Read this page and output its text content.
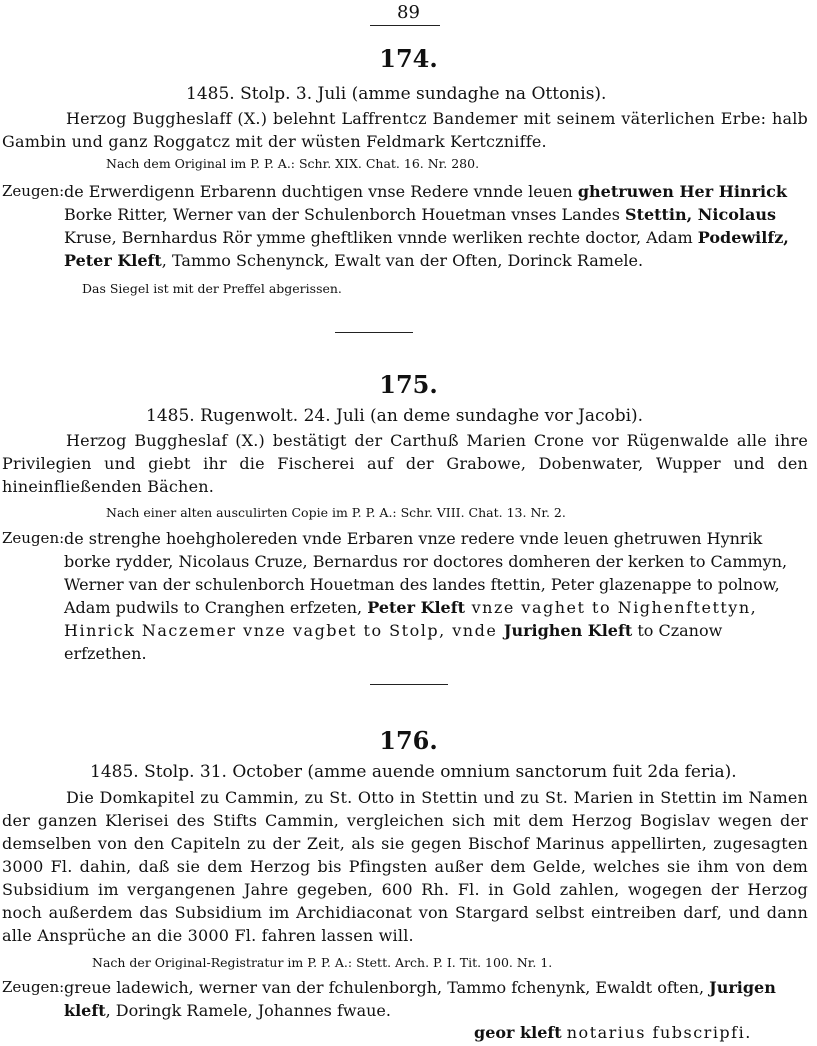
89
174.
1485. Stolp. 3. Juli (amme sundaghe na Ottonis).

Herzog Buggheslaff (X.) belehnt Laffrentcz Bandemer mit seinem väterlichen Erbe: halb Gambin und ganz Roggatcz mit der wüsten Feldmark Kertczniffe.

Nach dem Original im P. P. A.: Schr. XIX. Chat. 16. Nr. 280.
Zeugen: de Erwerdigenn Erbarenn duchtigen vnse Redere vnnde leuen ghetruwen Her Hinrick Borke Ritter, Werner van der Schulenborch Houetman vnses Landes Stettin, Nicolaus Kruse, Bernhardus Rör ymme gheftliken vnnde werliken rechte doctor, Adam Podewilfz, Peter Kleft, Tammo Schenynck, Ewalt van der Often, Dorinck Ramele.

Das Siegel ist mit der Preffel abgerissen.
175.
1485. Rugenwolt. 24. Juli (an deme sundaghe vor Jacobi).

Herzog Buggheslaf (X.) bestätigt der Carthuß Marien Crone vor Rügenwalde alle ihre Privilegien und giebt ihr die Fischerei auf der Grabowe, Dobenwater, Wupper und den hineinfließenden Bächen.

Nach einer alten ausculirten Copie im P. P. A.: Schr. VIII. Chat. 13. Nr. 2.
Zeugen: de strenghe hoehgholereden vnde Erbaren vnze redere vnde leuen ghetruwen Hynrik borke rydder, Nicolaus Cruze, Bernardus ror doctores domheren der kerken to Cammyn, Werner van der schulenborch Houetman des landes ftettin, Peter glazenappe to polnow, Adam pudwils to Cranghen erfzeten, Peter Kleft vnze vaghet to Nighenftettyn, Hinrick Naczemer vnze vagbet to Stolp, vnde Jurighen Kleft to Czanow erfzethen.

176.
1485. Stolp. 31. October (amme auende omnium sanctorum fuit 2da feria).

Die Domkapitel zu Cammin, zu St. Otto in Stettin und zu St. Marien in Stettin im Namen der ganzen Klerisei des Stifts Cammin, vergleichen sich mit dem Herzog Bogislav wegen der demselben von den Capiteln zu der Zeit, als sie gegen Bischof Marinus appellirten, zugesagten 3000 Fl. dahin, daß sie dem Herzog bis Pfingsten außer dem Gelde, welches sie ihm von dem Subsidium im vergangenen Jahre gegeben, 600 Rh. Fl. in Gold zahlen, wogegen der Herzog noch außerdem das Subsidium im Archidiaconat von Stargard selbst eintreiben darf, und dann alle Ansprüche an die 3000 Fl. fahren lassen will.

Nach der Original-Registratur im P. P. A.: Stett. Arch. P. I. Tit. 100. Nr. 1.
Zeugen: greue ladewich, werner van der fchulenborgh, Tammo fchenynk, Ewaldt often, Jurigen kleft, Doringk Ramele, Johannes fwaue.

geor kleft notarius fubscripfi.
